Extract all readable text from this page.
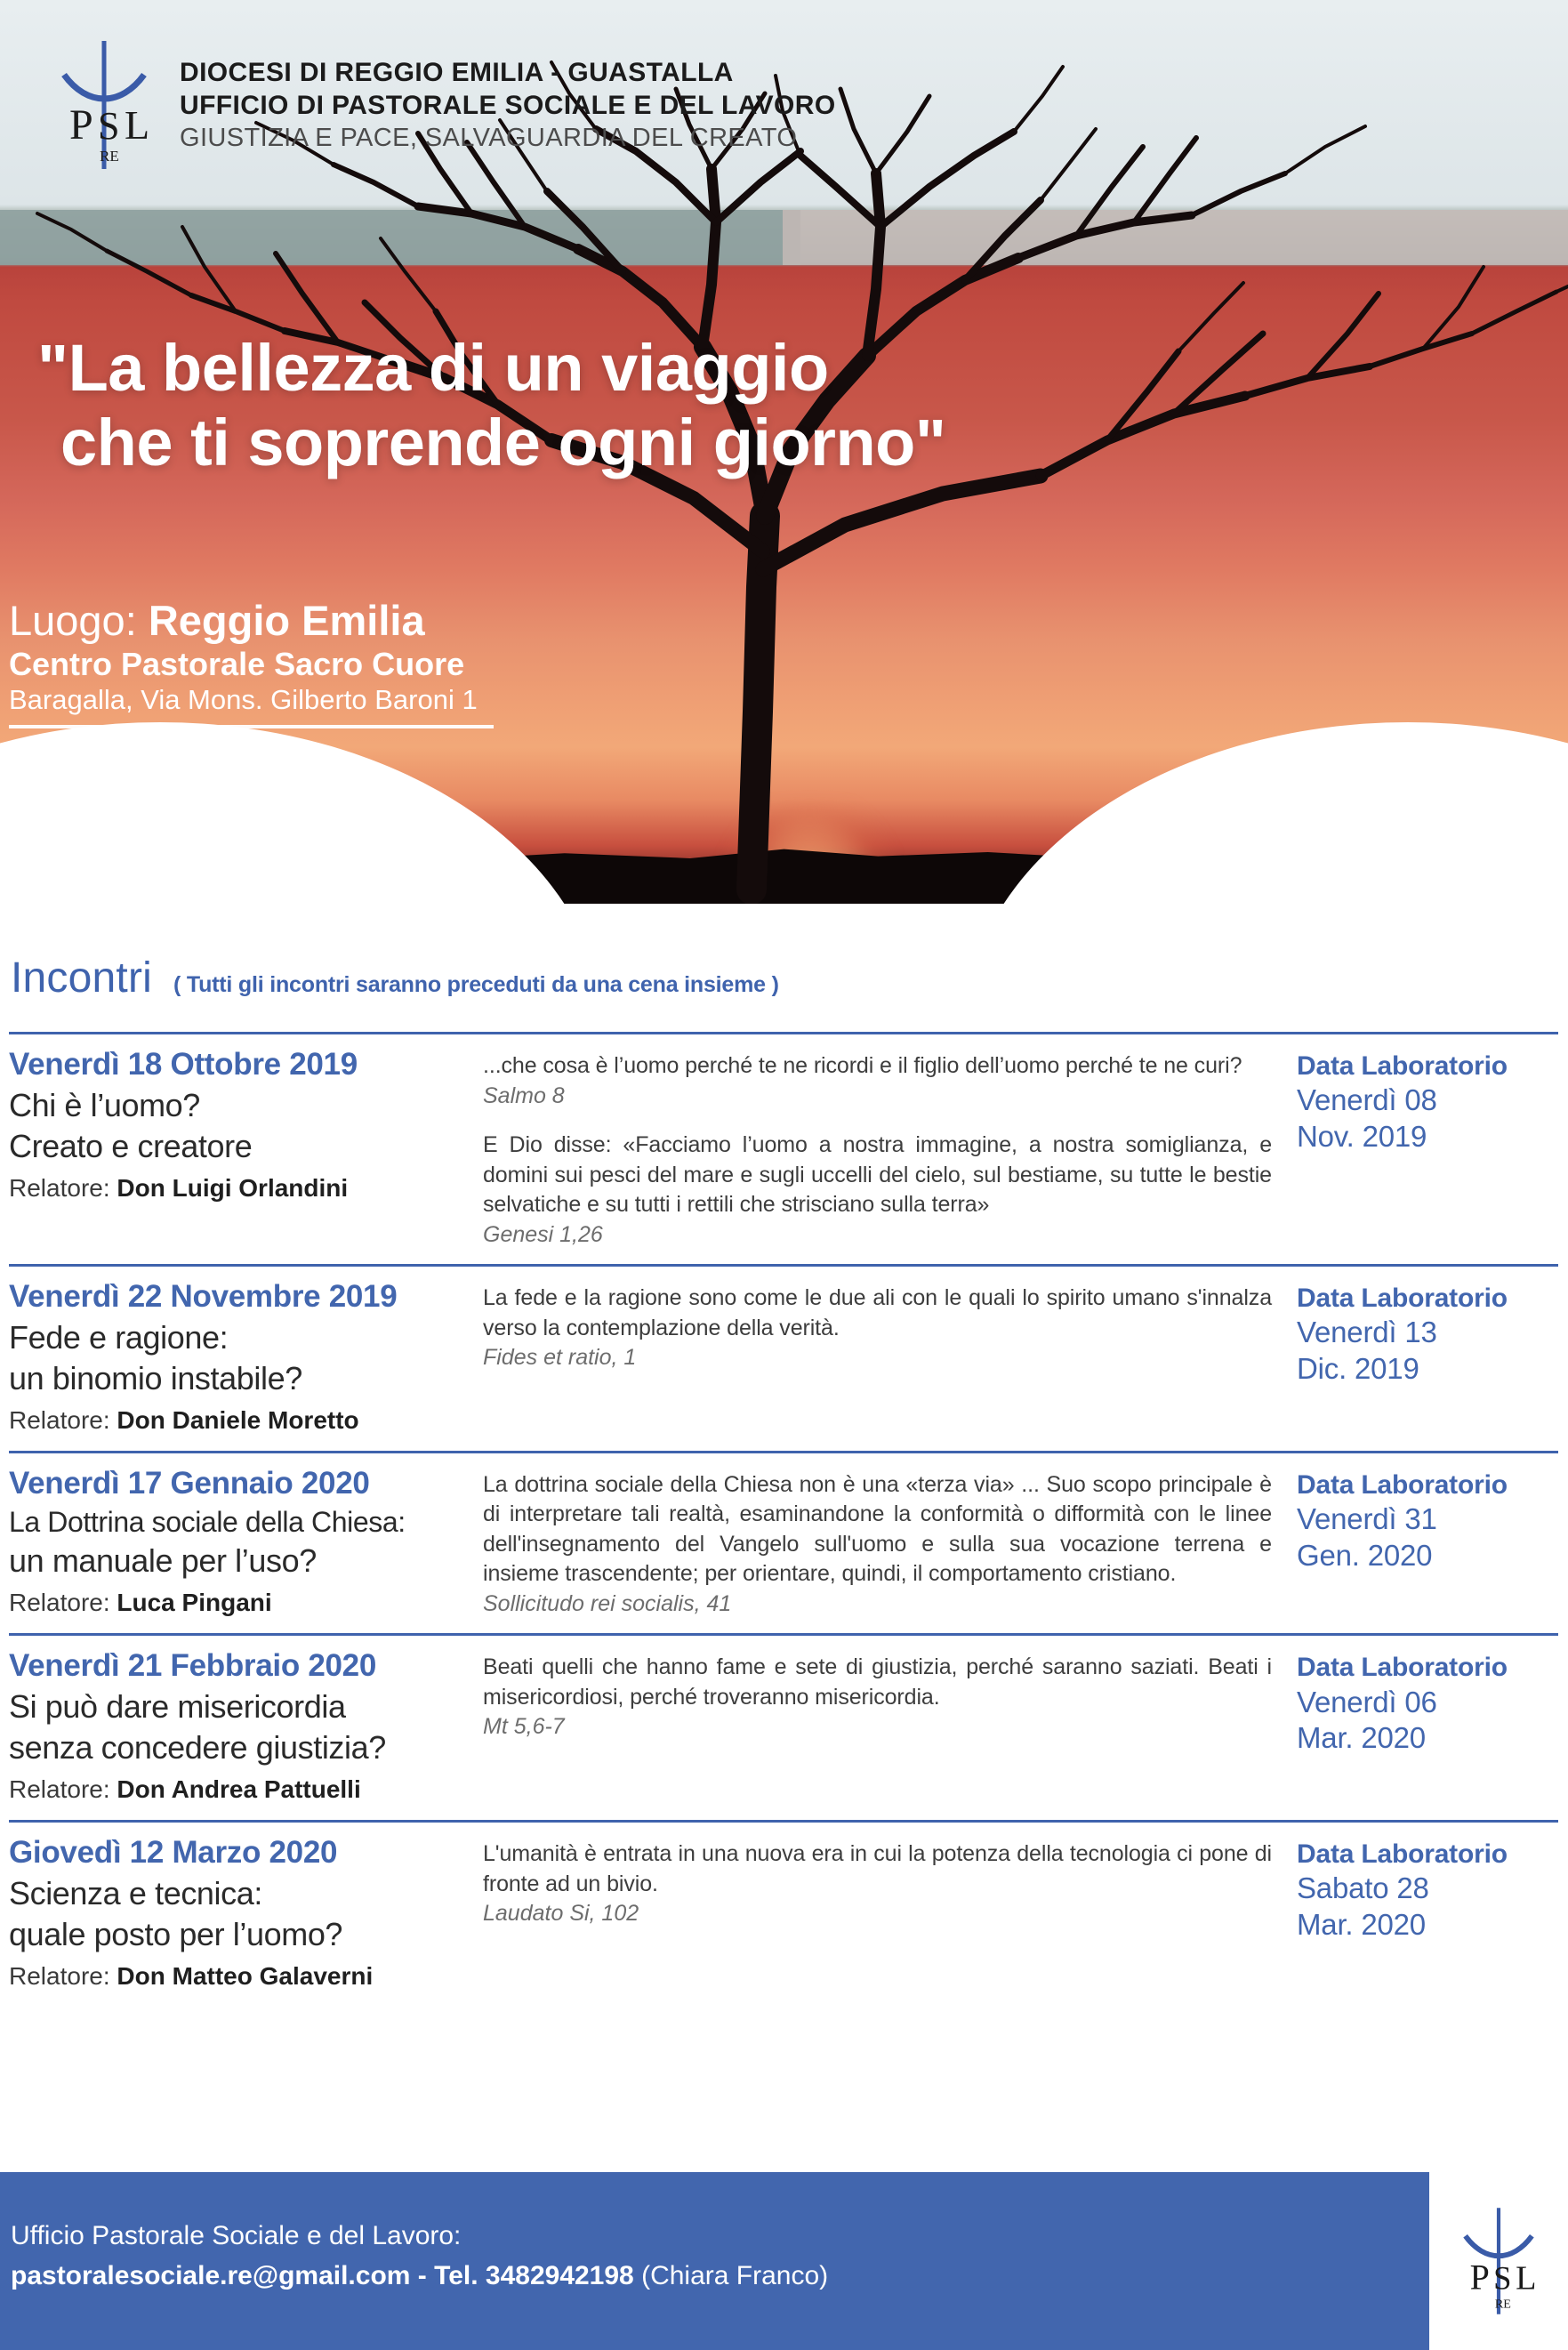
P S L
RE
DIOCESI DI REGGIO EMILIA - GUASTALLA
UFFICIO DI PASTORALE SOCIALE E DEL LAVORO
GIUSTIZIA E PACE, SALVAGUARDIA DEL CREATO
"La bellezza di un viaggio
che ti soprende ogni giorno"
Luogo: Reggio Emilia
Centro Pastorale Sacro Cuore
Baragalla, Via Mons. Gilberto Baroni 1
Incontri ( Tutti gli incontri saranno preceduti da una cena insieme )
Venerdì 18 Ottobre 2019
Chi è l’uomo?
Creato e creatore
Relatore: Don Luigi Orlandini
...che cosa è l’uomo perché te ne ricordi e il figlio dell’uomo perché te ne curi?
Salmo 8
E Dio disse: «Facciamo l’uomo a nostra immagine, a nostra somiglianza, e domini sui pesci del mare e sugli uccelli del cielo, sul bestiame, su tutte le bestie selvatiche e su tutti i rettili che strisciano sulla terra»
Genesi 1,26
Data Laboratorio
Venerdì 08
Nov. 2019
Venerdì 22 Novembre 2019
Fede e ragione:
un binomio instabile?
Relatore: Don Daniele Moretto
La fede e la ragione sono come le due ali con le quali lo spirito umano s'innalza verso la contemplazione della verità.
Fides et ratio, 1
Data Laboratorio
Venerdì 13
Dic. 2019
Venerdì 17 Gennaio 2020
La Dottrina sociale della Chiesa:
un manuale per l’uso?
Relatore: Luca Pingani
La dottrina sociale della Chiesa non è una «terza via» ... Suo scopo principale è di interpretare tali realtà, esaminandone la conformità o difformità con le linee dell'insegnamento del Vangelo sull'uomo e sulla sua vocazione terrena e insieme trascendente; per orientare, quindi, il comportamento cristiano.
Sollicitudo rei socialis, 41
Data Laboratorio
Venerdì 31
Gen. 2020
Venerdì 21 Febbraio 2020
Si può dare misericordia
senza concedere giustizia?
Relatore: Don Andrea Pattuelli
Beati quelli che hanno fame e sete di giustizia, perché saranno saziati. Beati i misericordiosi, perché troveranno misericordia.
Mt 5,6-7
Data Laboratorio
Venerdì 06
Mar. 2020
Giovedì 12 Marzo 2020
Scienza e tecnica:
quale posto per l’uomo?
Relatore: Don Matteo Galaverni
L'umanità è entrata in una nuova era in cui la potenza della tecnologia ci pone di fronte ad un bivio.
Laudato Si, 102
Data Laboratorio
Sabato 28
Mar. 2020
Ufficio Pastorale Sociale e del Lavoro:
pastoralesociale.re@gmail.com - Tel. 3482942198 (Chiara Franco)	P S L
RE
